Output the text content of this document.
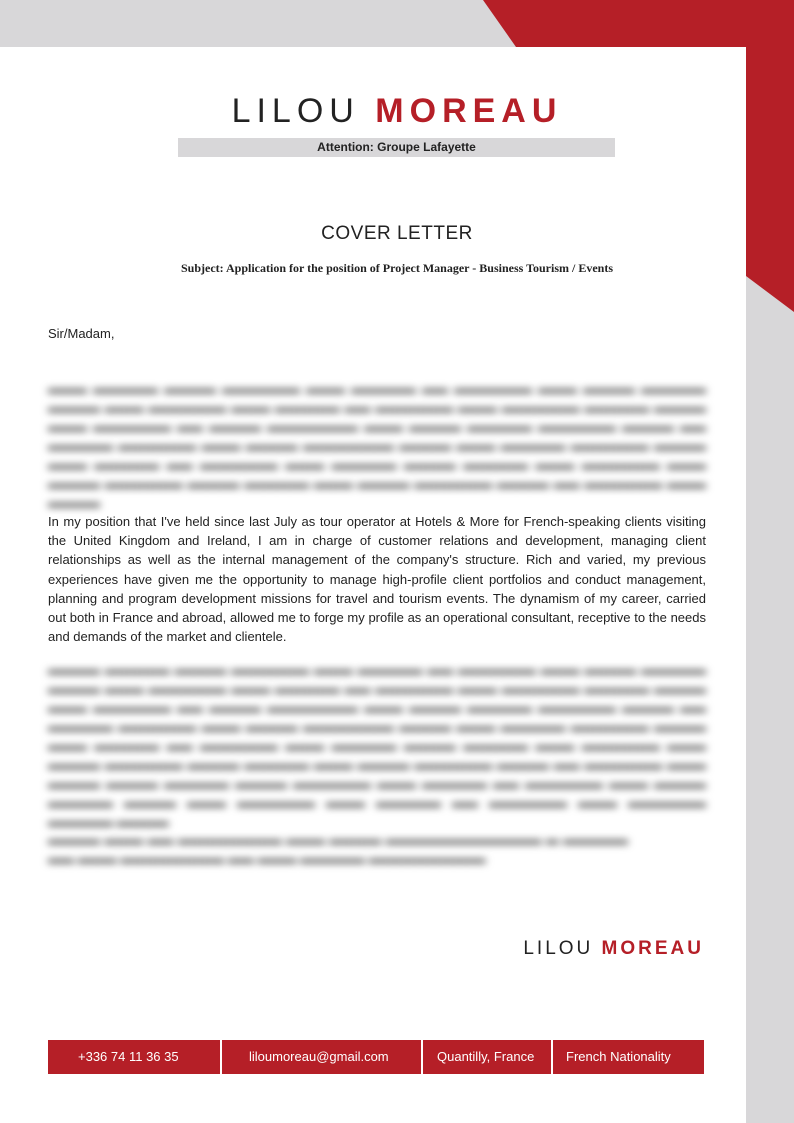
LILOU MOREAU
Attention: Groupe Lafayette
COVER LETTER
Subject: Application for the position of Project Manager - Business Tourism / Events
Sir/Madam,
▬▬▬ ▬▬▬▬▬ ▬▬▬▬ ▬▬▬▬▬▬ ▬▬▬ ▬▬▬▬▬ ▬▬ ▬▬▬▬▬▬ ▬▬▬ ▬▬▬▬ ▬▬▬▬▬ ▬▬▬▬ ▬▬▬ ▬▬▬▬▬▬ ▬▬▬ ▬▬▬▬▬ ▬▬ ▬▬▬▬▬▬ ▬▬▬ ▬▬▬▬▬▬ ▬▬▬▬▬ ▬▬▬▬ ▬▬▬ ▬▬▬▬▬▬ ▬▬ ▬▬▬▬ ▬▬▬▬▬▬▬ ▬▬▬ ▬▬▬▬ ▬▬▬▬▬ ▬▬▬▬▬▬ ▬▬▬▬ ▬▬ ▬▬▬▬▬ ▬▬▬▬▬▬ ▬▬▬ ▬▬▬▬ ▬▬▬▬▬▬▬ ▬▬▬▬ ▬▬▬ ▬▬▬▬▬ ▬▬▬▬▬▬ ▬▬▬▬ ▬▬▬ ▬▬▬▬▬ ▬▬ ▬▬▬▬▬▬ ▬▬▬ ▬▬▬▬▬ ▬▬▬▬ ▬▬▬▬▬ ▬▬▬ ▬▬▬▬▬▬ ▬▬▬ ▬▬▬▬ ▬▬▬▬▬▬ ▬▬▬▬ ▬▬▬▬▬ ▬▬▬ ▬▬▬▬ ▬▬▬▬▬▬ ▬▬▬▬ ▬▬ ▬▬▬▬▬▬ ▬▬▬ ▬▬▬▬
▬▬▬▬ ▬▬▬▬▬ ▬▬▬▬ ▬▬▬▬▬▬ ▬▬▬ ▬▬▬▬▬ ▬▬ ▬▬▬▬▬▬ ▬▬▬ ▬▬▬▬ ▬▬▬▬▬ ▬▬▬▬ ▬▬▬ ▬▬▬▬▬▬ ▬▬▬ ▬▬▬▬▬ ▬▬ ▬▬▬▬▬▬ ▬▬▬ ▬▬▬▬▬▬ ▬▬▬▬▬ ▬▬▬▬ ▬▬▬ ▬▬▬▬▬▬ ▬▬ ▬▬▬▬ ▬▬▬▬▬▬▬ ▬▬▬ ▬▬▬▬ ▬▬▬▬▬ ▬▬▬▬▬▬ ▬▬▬▬ ▬▬ ▬▬▬▬▬ ▬▬▬▬▬▬ ▬▬▬ ▬▬▬▬ ▬▬▬▬▬▬▬ ▬▬▬▬ ▬▬▬ ▬▬▬▬▬ ▬▬▬▬▬▬ ▬▬▬▬ ▬▬▬ ▬▬▬▬▬ ▬▬ ▬▬▬▬▬▬ ▬▬▬ ▬▬▬▬▬ ▬▬▬▬ ▬▬▬▬▬ ▬▬▬ ▬▬▬▬▬▬ ▬▬▬ ▬▬▬▬ ▬▬▬▬▬▬ ▬▬▬▬ ▬▬▬▬▬ ▬▬▬ ▬▬▬▬ ▬▬▬▬▬▬ ▬▬▬▬ ▬▬ ▬▬▬▬▬▬ ▬▬▬ ▬▬▬▬ ▬▬▬▬ ▬▬▬▬▬ ▬▬▬▬ ▬▬▬▬▬▬ ▬▬▬ ▬▬▬▬▬ ▬▬ ▬▬▬▬▬▬ ▬▬▬ ▬▬▬▬ ▬▬▬▬▬ ▬▬▬▬ ▬▬▬ ▬▬▬▬▬▬ ▬▬▬ ▬▬▬▬▬ ▬▬ ▬▬▬▬▬▬ ▬▬▬ ▬▬▬▬▬▬ ▬▬▬▬▬ ▬▬▬▬
▬▬▬▬ ▬▬▬ ▬▬ ▬▬▬▬▬▬▬▬ ▬▬▬ ▬▬▬▬ ▬▬▬▬▬▬▬▬▬▬▬▬ ▬ ▬▬▬▬▬ ▬▬ ▬▬▬ ▬▬▬▬▬▬▬▬ ▬▬ ▬▬▬ ▬▬▬▬▬ ▬▬▬▬▬▬▬▬▬
In my position that I've held since last July as tour operator at Hotels & More for French-speaking clients visiting the United Kingdom and Ireland, I am in charge of customer relations and development, managing client relationships as well as the internal management of the company's structure. Rich and varied, my previous experiences have given me the opportunity to manage high-profile client portfolios and conduct management, planning and program development missions for travel and tourism events. The dynamism of my career, carried out both in France and abroad, allowed me to forge my profile as an operational consultant, receptive to the needs and demands of the market and clientele.
LILOU MOREAU
+336 74 11 36 35	liloumoreau@gmail.com	Quantilly, France	French Nationality
